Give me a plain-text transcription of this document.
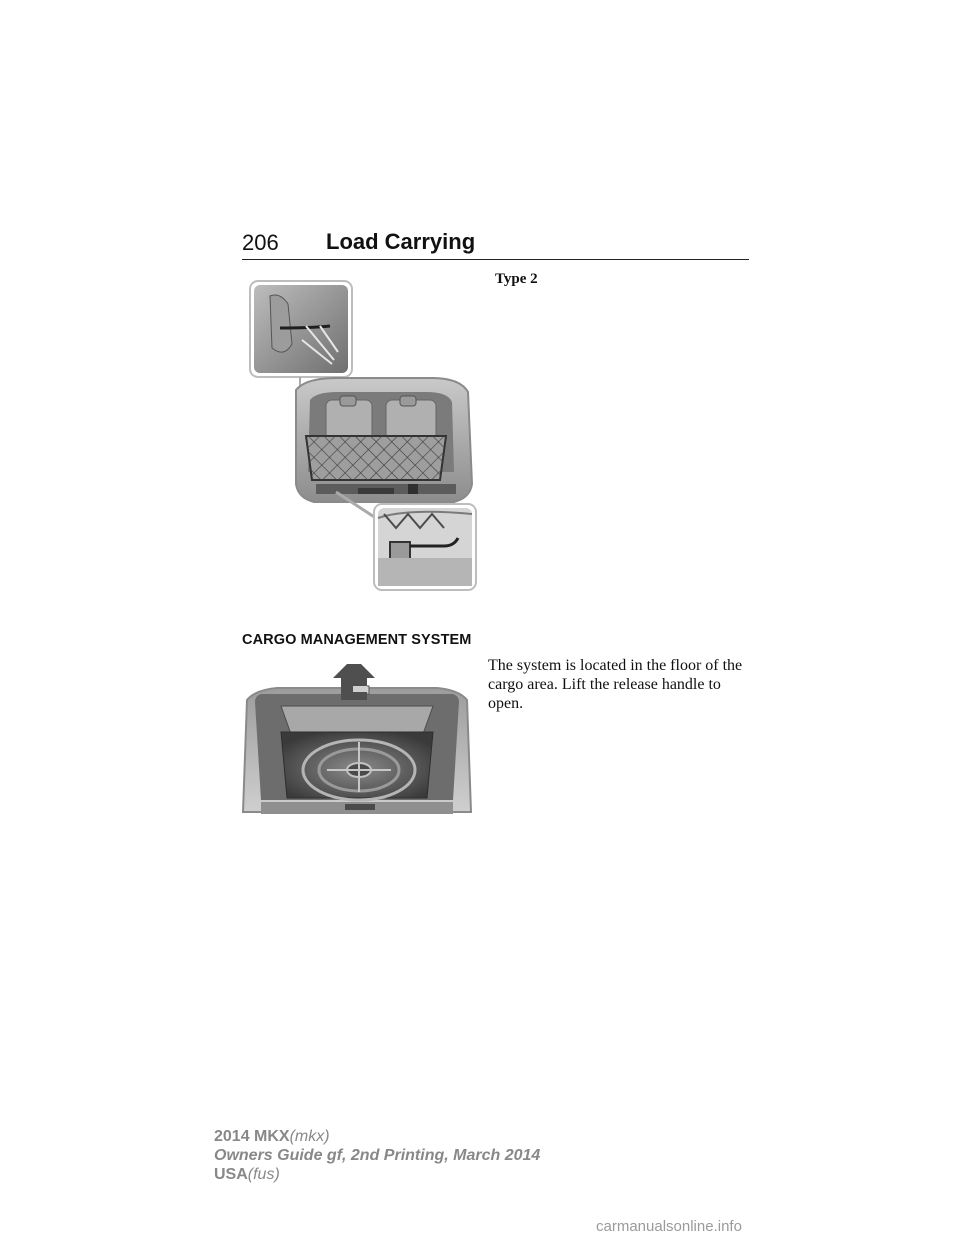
206 Load Carrying
Type 2
CARGO MANAGEMENT SYSTEM

The system is located in the floor of the cargo area. Lift the release handle to open.

2014 MKX(mkx)
Owners Guide gf, 2nd Printing, March 2014
USA(fus)
carmanualsonline.info
